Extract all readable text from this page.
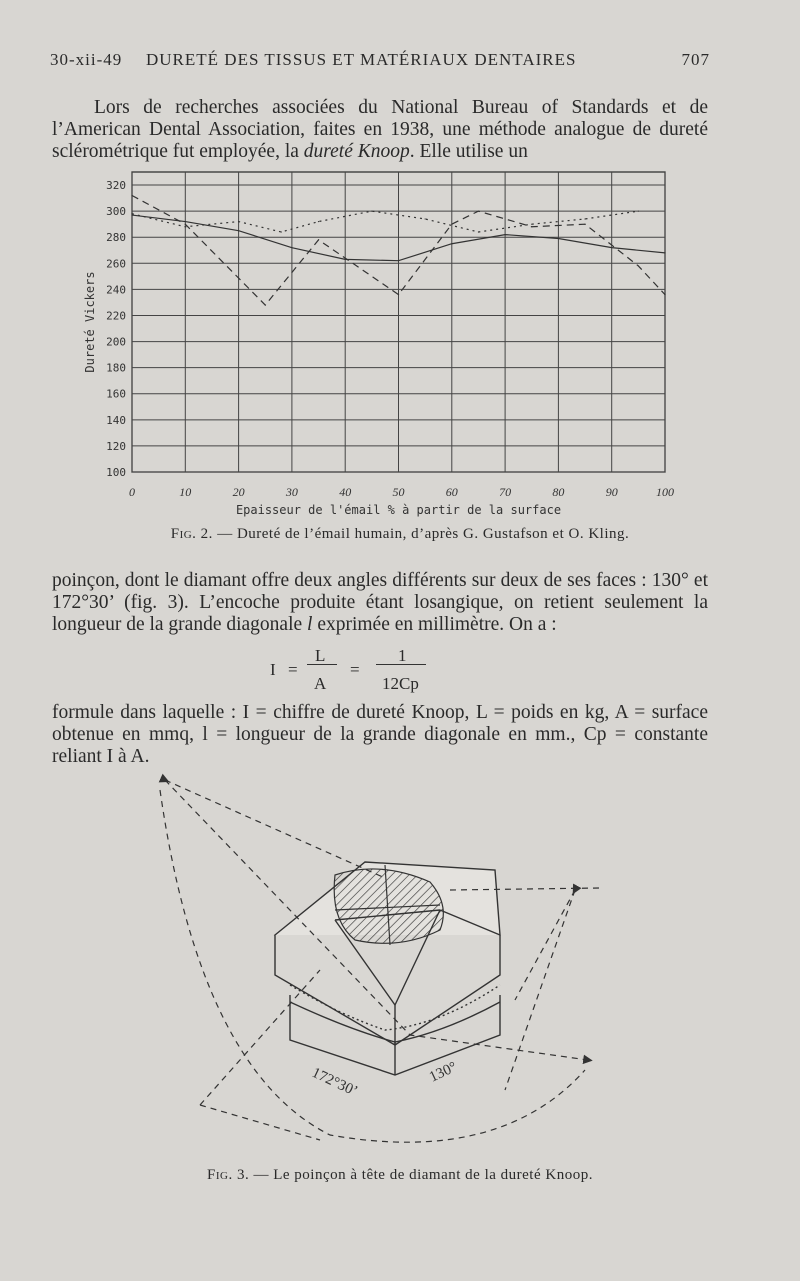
30-xii-49 DURETÉ DES TISSUS ET MATÉRIAUX DENTAIRES	707
Lors de recherches associées du National Bureau of Standards et de l’American Dental Association, faites en 1938, une méthode analogue de dureté sclérométrique fut employée, la dureté Knoop. Elle utilise un
100
120
140
160
180
200
220
240
260
280
300
320
0	10	20	30	40	50	60	70	80	90	100
Epaisseur de l'émail % à partir de la surface
Dureté Vickers
Fig. 2. — Dureté de l’émail humain, d’après G. Gustafson et O. Kling.
poinçon, dont le diamant offre deux angles différents sur deux de ses faces : 130° et 172°30’ (fig. 3). L’encoche produite étant losangique, on retient seulement la longueur de la grande diagonale l exprimée en millimètre. On a :
I =
L
A
=
1
12Cp
formule dans laquelle : I = chiffre de dureté Knoop, L = poids en kg, A = surface obtenue en mmq, l = longueur de la grande diagonale en mm., Cp = constante reliant I à A.
172°30’	130°
Fig. 3. — Le poinçon à tête de diamant de la dureté Knoop.
